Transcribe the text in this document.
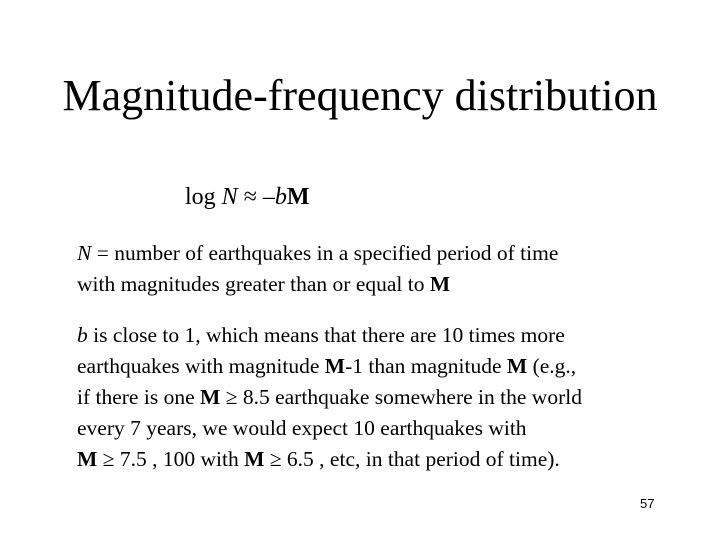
Magnitude-frequency distribution
log N ≈ –bM
N = number of earthquakes in a specified period of time
with magnitudes greater than or equal to M
b is close to 1, which means that there are 10 times more
earthquakes with magnitude M-1 than magnitude M (e.g.,
if there is one M ≥ 8.5 earthquake somewhere in the world
every 7 years, we would expect 10 earthquakes with
M ≥ 7.5 , 100 with M ≥ 6.5 , etc, in that period of time).
57
